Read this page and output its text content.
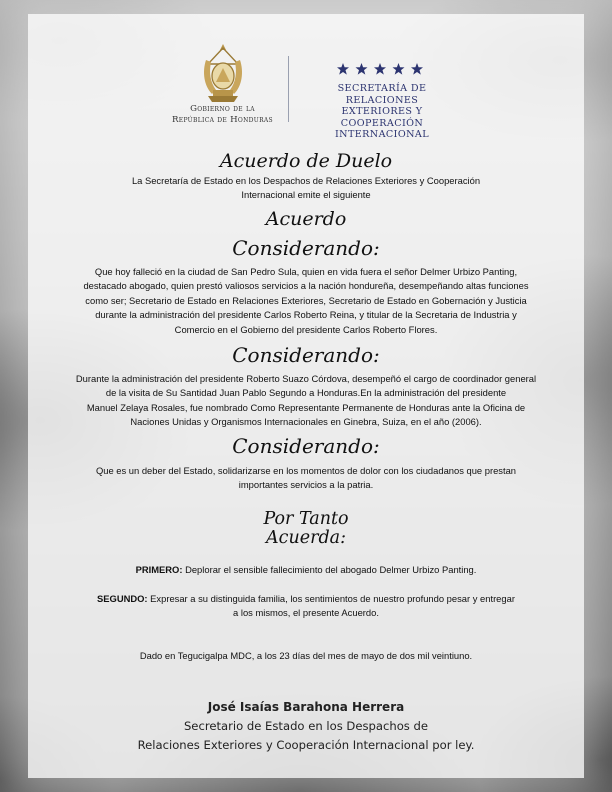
Gobierno de la
República de Honduras
SECRETARÍA DE RELACIONES
EXTERIORES Y COOPERACIÓN
INTERNACIONAL
Acuerdo de Duelo
La Secretaría de Estado en los Despachos de Relaciones Exteriores y Cooperación
Internacional emite el siguiente
Acuerdo
Considerando:
Que hoy falleció en la ciudad de San Pedro Sula, quien en vida fuera el señor Delmer Urbizo Panting,
destacado abogado, quien prestó valiosos servicios a la nación hondureña, desempeñando altas funciones
como ser; Secretario de Estado en Relaciones Exteriores, Secretario de Estado en Gobernación y Justicia
durante la administración del presidente Carlos Roberto Reina, y titular de la Secretaria de Industria y
Comercio en el Gobierno del presidente Carlos Roberto Flores.
Considerando:
Durante la administración del presidente Roberto Suazo Córdova, desempeñó el cargo de coordinador general
de la visita de Su Santidad Juan Pablo Segundo a Honduras.En la administración del presidente
Manuel Zelaya Rosales, fue nombrado Como Representante Permanente de Honduras ante la Oficina de
Naciones Unidas y Organismos Internacionales en Ginebra, Suiza, en el año (2006).
Considerando:
Que es un deber del Estado, solidarizarse en los momentos de dolor con los ciudadanos que prestan
importantes servicios a la patria.
Por Tanto
Acuerda:
PRIMERO: Deplorar el sensible fallecimiento del abogado Delmer Urbizo Panting.
SEGUNDO: Expresar a su distinguida familia, los sentimientos de nuestro profundo pesar y entregar
a los mismos, el presente Acuerdo.
Dado en Tegucigalpa MDC, a los 23 días del mes de mayo de dos mil veintiuno.
José Isaías Barahona Herrera
Secretario de Estado en los Despachos de
Relaciones Exteriores y Cooperación Internacional por ley.
